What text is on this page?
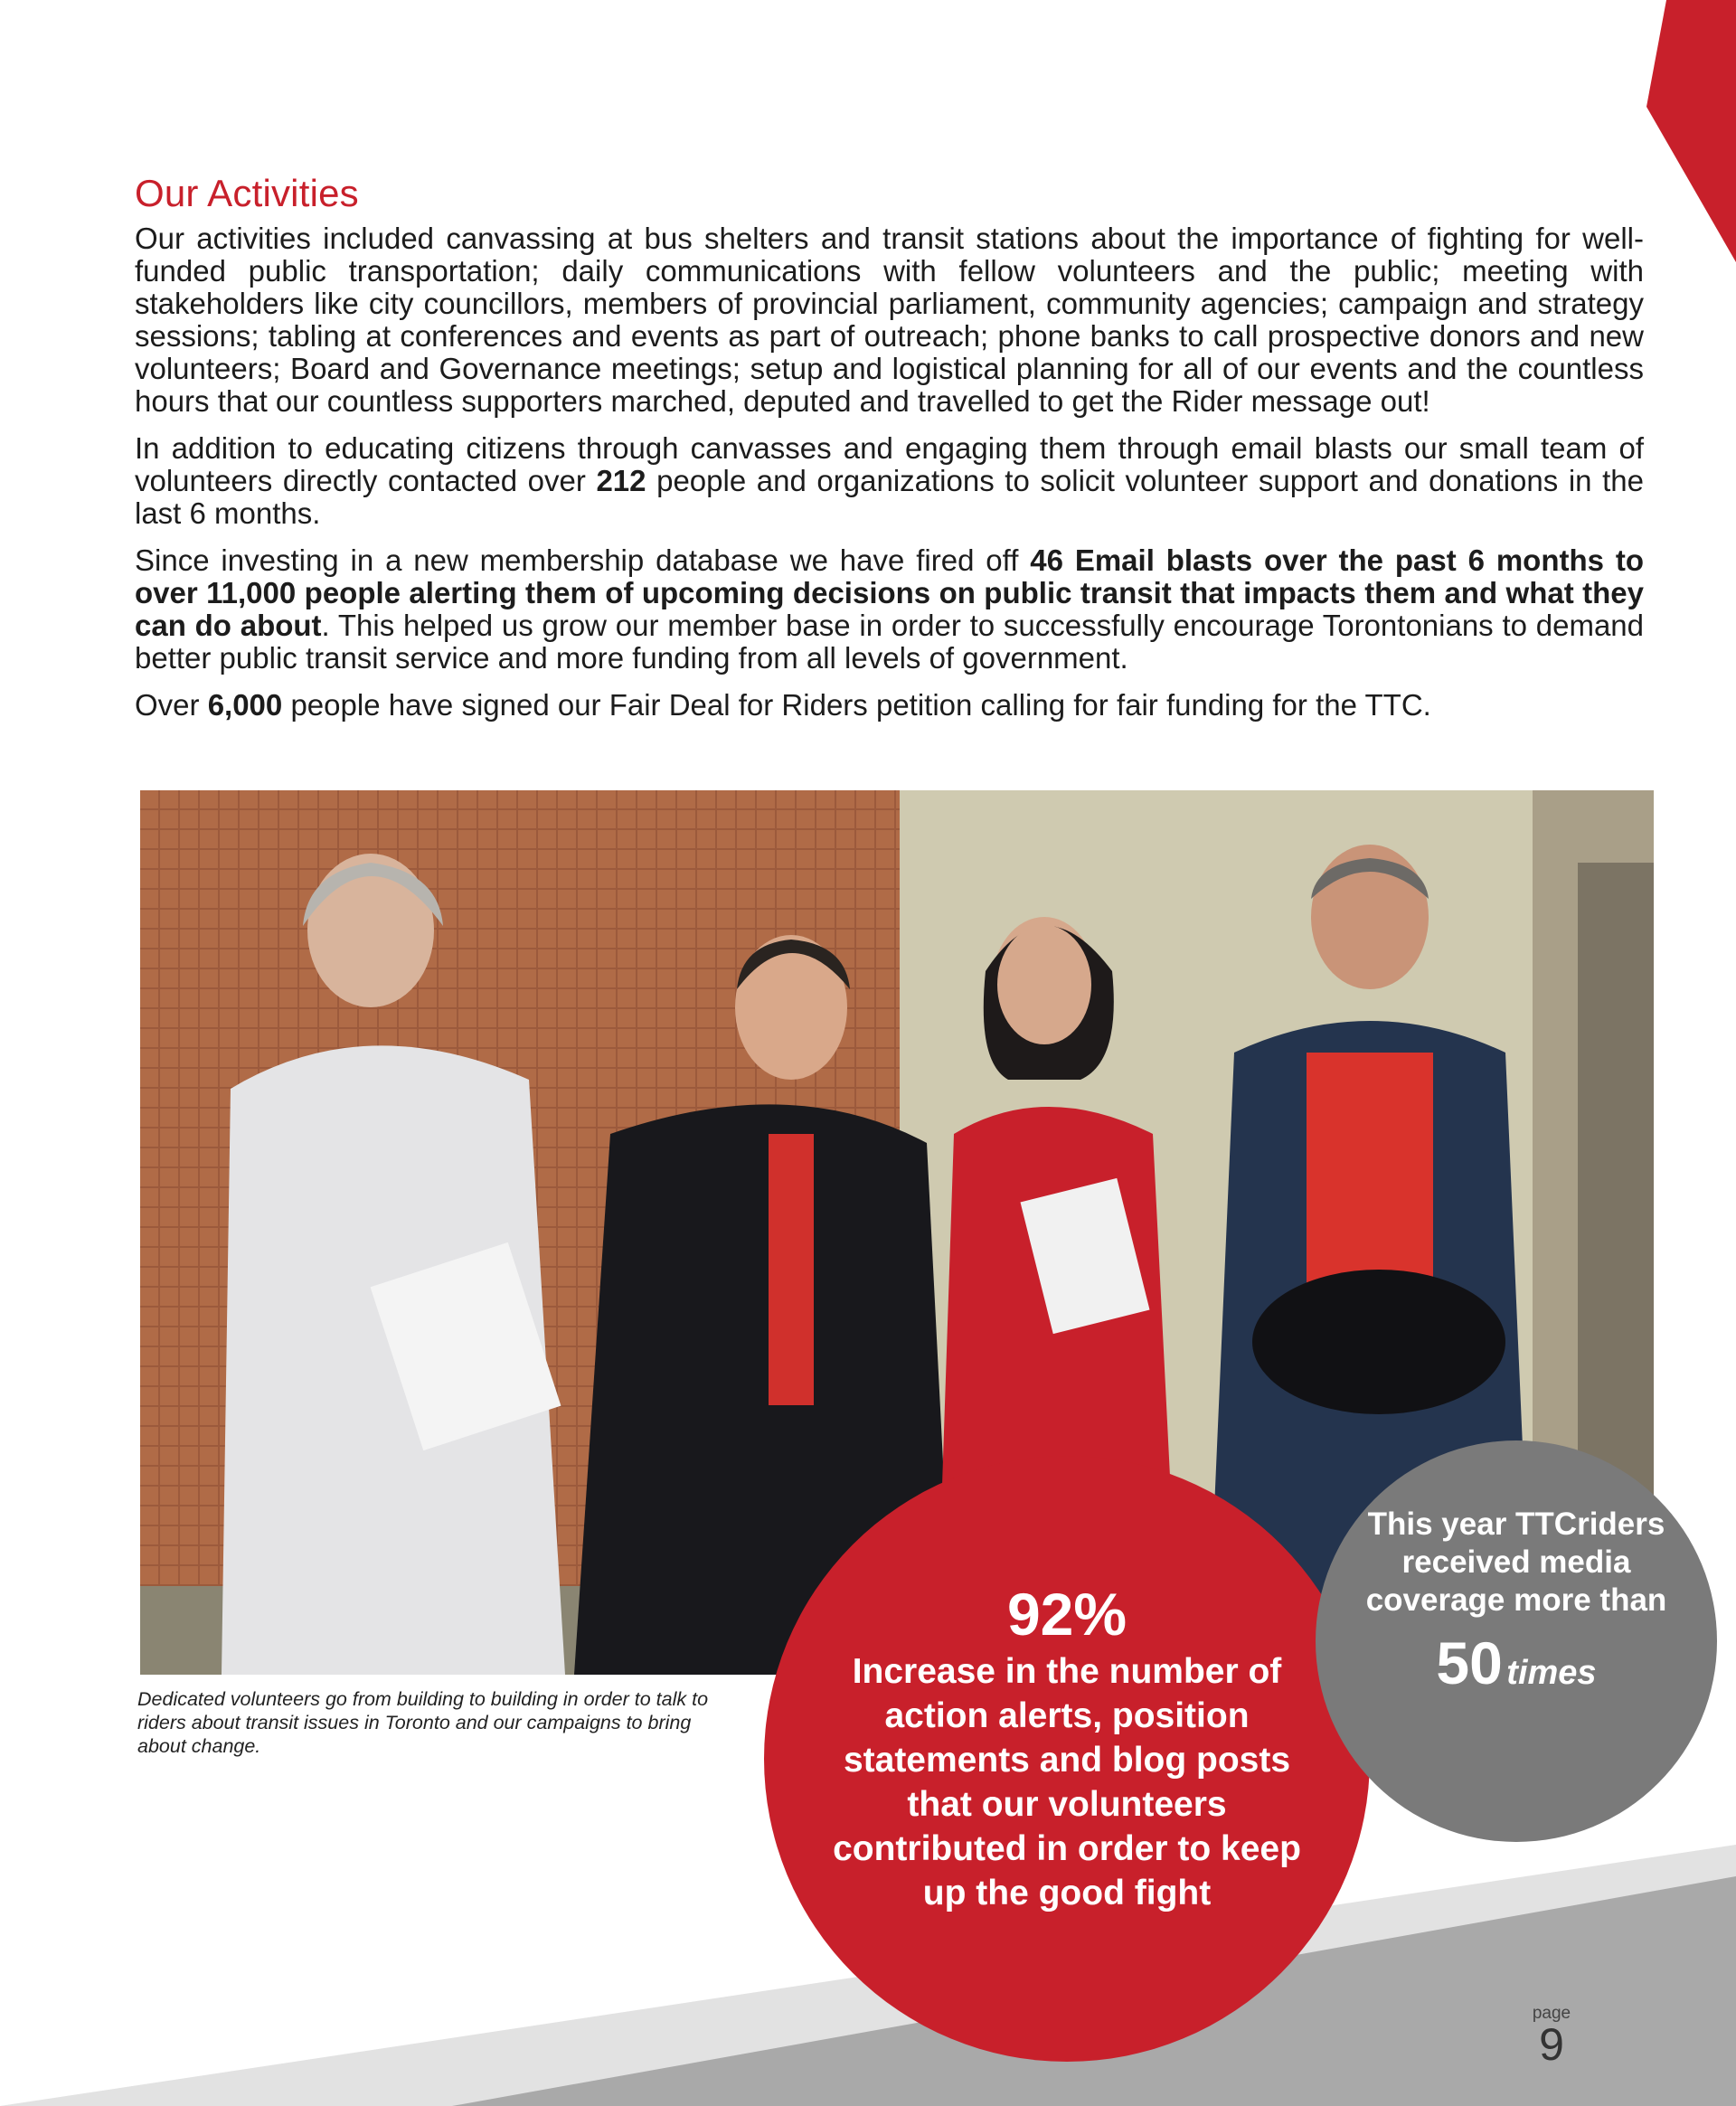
Our Activities

Our activities included canvassing at bus shelters and transit stations about the importance of fighting for well-funded public transportation; daily communications with fellow volunteers and the public; meeting with stakeholders like city councillors, members of provincial parliament, community agencies; campaign and strategy sessions; tabling at conferences and events as part of outreach; phone banks to call prospective donors and new volunteers; Board and Governance meetings; setup and logistical planning for all of our events and the countless hours that our countless supporters marched, deputed and travelled to get the Rider message out!

In addition to educating citizens through canvasses and engaging them through email blasts our small team of volunteers directly contacted over 212 people and organizations to solicit volunteer support and donations in the last 6 months.

Since investing in a new membership database we have fired off 46 Email blasts over the past 6 months to over 11,000 people alerting them of upcoming decisions on public transit that impacts them and what they can do about. This helped us grow our member base in order to successfully encourage Torontonians to demand better public transit service and more funding from all levels of government.

Over 6,000 people have signed our Fair Deal for Riders petition calling for fair funding for the TTC.

Dedicated volunteers go from building to building in order to talk to riders about transit issues in Toronto and our campaigns to bring about change.
92%
Increase in the number of action alerts, position statements and blog posts that our volunteers contributed in order to keep up the good fight
This year TTCriders received media coverage more than
50 times
page
9
